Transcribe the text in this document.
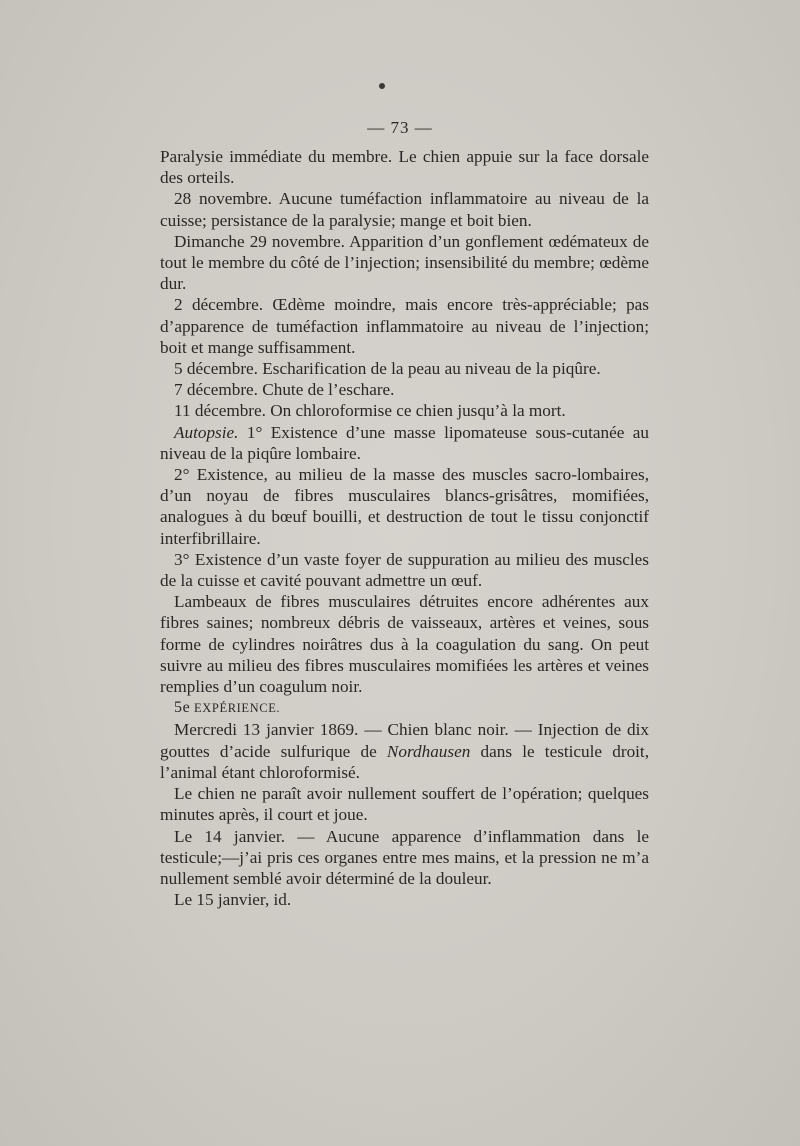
— 73 —

Paralysie immédiate du membre. Le chien appuie sur la face dorsale des orteils.

28 novembre. Aucune tuméfaction inflammatoire au niveau de la cuisse; persistance de la paralysie; mange et boit bien.

Dimanche 29 novembre. Apparition d’un gonflement œdémateux de tout le membre du côté de l’injection; insensibilité du membre; œdème dur.

2 décembre. Œdème moindre, mais encore très-appréciable; pas d’apparence de tuméfaction inflammatoire au niveau de l’injection; boit et mange suffisamment.

5 décembre. Escharification de la peau au niveau de la piqûre.

7 décembre. Chute de l’eschare.

11 décembre. On chloroformise ce chien jusqu’à la mort.

Autopsie. 1° Existence d’une masse lipomateuse sous-cutanée au niveau de la piqûre lombaire.

2° Existence, au milieu de la masse des muscles sacro-lombaires, d’un noyau de fibres musculaires blancs-grisâtres, momifiées, analogues à du bœuf bouilli, et destruction de tout le tissu conjonctif interfibrillaire.

3° Existence d’un vaste foyer de suppuration au milieu des muscles de la cuisse et cavité pouvant admettre un œuf.

Lambeaux de fibres musculaires détruites encore adhérentes aux fibres saines; nombreux débris de vaisseaux, artères et veines, sous forme de cylindres noirâtres dus à la coagulation du sang. On peut suivre au milieu des fibres musculaires momifiées les artères et veines remplies d’un coagulum noir.

5e EXPÉRIENCE.

Mercredi 13 janvier 1869. — Chien blanc noir. — Injection de dix gouttes d’acide sulfurique de Nordhausen dans le testicule droit, l’animal étant chloroformisé.

Le chien ne paraît avoir nullement souffert de l’opération; quelques minutes après, il court et joue.

Le 14 janvier. — Aucune apparence d’inflammation dans le testicule;—j’ai pris ces organes entre mes mains, et la pression ne m’a nullement semblé avoir déterminé de la douleur.

Le 15 janvier, id.
